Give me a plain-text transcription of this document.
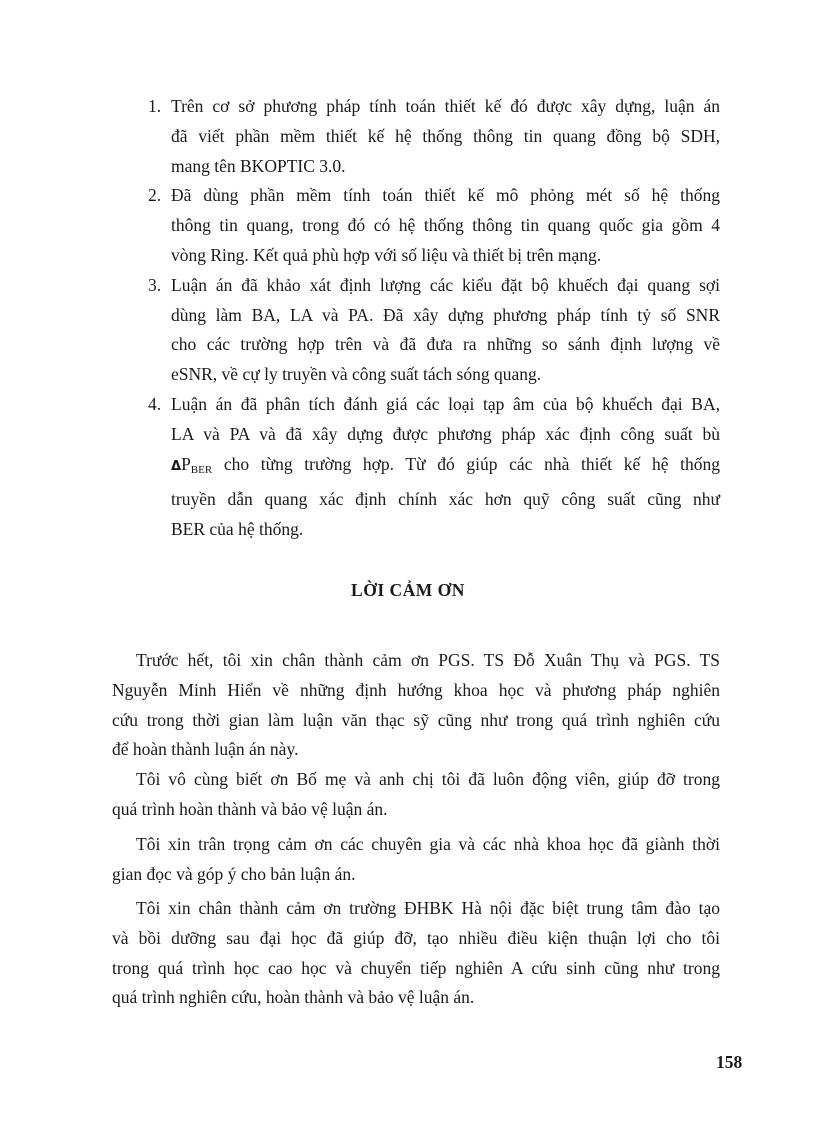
1. Trên cơ sở phương pháp tính toán thiết kế đó được xây dựng, luận án
đã viết phần mềm thiết kế hệ thống thông tin quang đồng bộ SDH,
mang tên BKOPTIC 3.0.
2. Đã dùng phần mềm tính toán thiết kế mô phỏng mét số hệ thống
thông tin quang, trong đó có hệ thống thông tin quang quốc gia gồm 4
vòng Ring. Kết quả phù hợp với số liệu và thiết bị trên mạng.
3. Luận án đã khảo xát định lượng các kiểu đặt bộ khuếch đại quang sợi
dùng làm BA, LA và PA. Đã xây dựng phương pháp tính tỷ số SNR
cho các trường hợp trên và đã đưa ra những so sánh định lượng về
eSNR, về cự ly truyền và công suất tách sóng quang.
4. Luận án đã phân tích đánh giá các loại tạp âm của bộ khuếch đại BA,
LA và PA và đã xây dựng được phương pháp xác định công suất bù
$\Delta P_{BER}$ cho từng trường hợp. Từ đó giúp các nhà thiết kế hệ thống
truyền dẫn quang xác định chính xác hơn quỹ công suất cũng như
BER của hệ thống.
LỜI CẢM ƠN
Trước hết, tôi xin chân thành cảm ơn PGS. TS Đỗ Xuân Thụ và PGS. TS
Nguyễn Minh Hiển về những định hướng khoa học và phương pháp nghiên
cứu trong thời gian làm luận văn thạc sỹ cũng như trong quá trình nghiên cứu
để hoàn thành luận án này.
Tôi vô cùng biết ơn Bố mẹ và anh chị tôi đã luôn động viên, giúp đỡ trong
quá trình hoàn thành và bảo vệ luận án.
Tôi xin trân trọng cảm ơn các chuyên gia và các nhà khoa học đã giành thời
gian đọc và góp ý cho bản luận án.
Tôi xin chân thành cảm ơn trường ĐHBK Hà nội đặc biệt trung tâm đào tạo
và bồi dưỡng sau đại học đã giúp đỡ, tạo nhiều điều kiện thuận lợi cho tôi
trong quá trình học cao học và chuyển tiếp nghiên A cứu sinh cũng như trong
quá trình nghiên cứu, hoàn thành và bảo vệ luận án.
158
